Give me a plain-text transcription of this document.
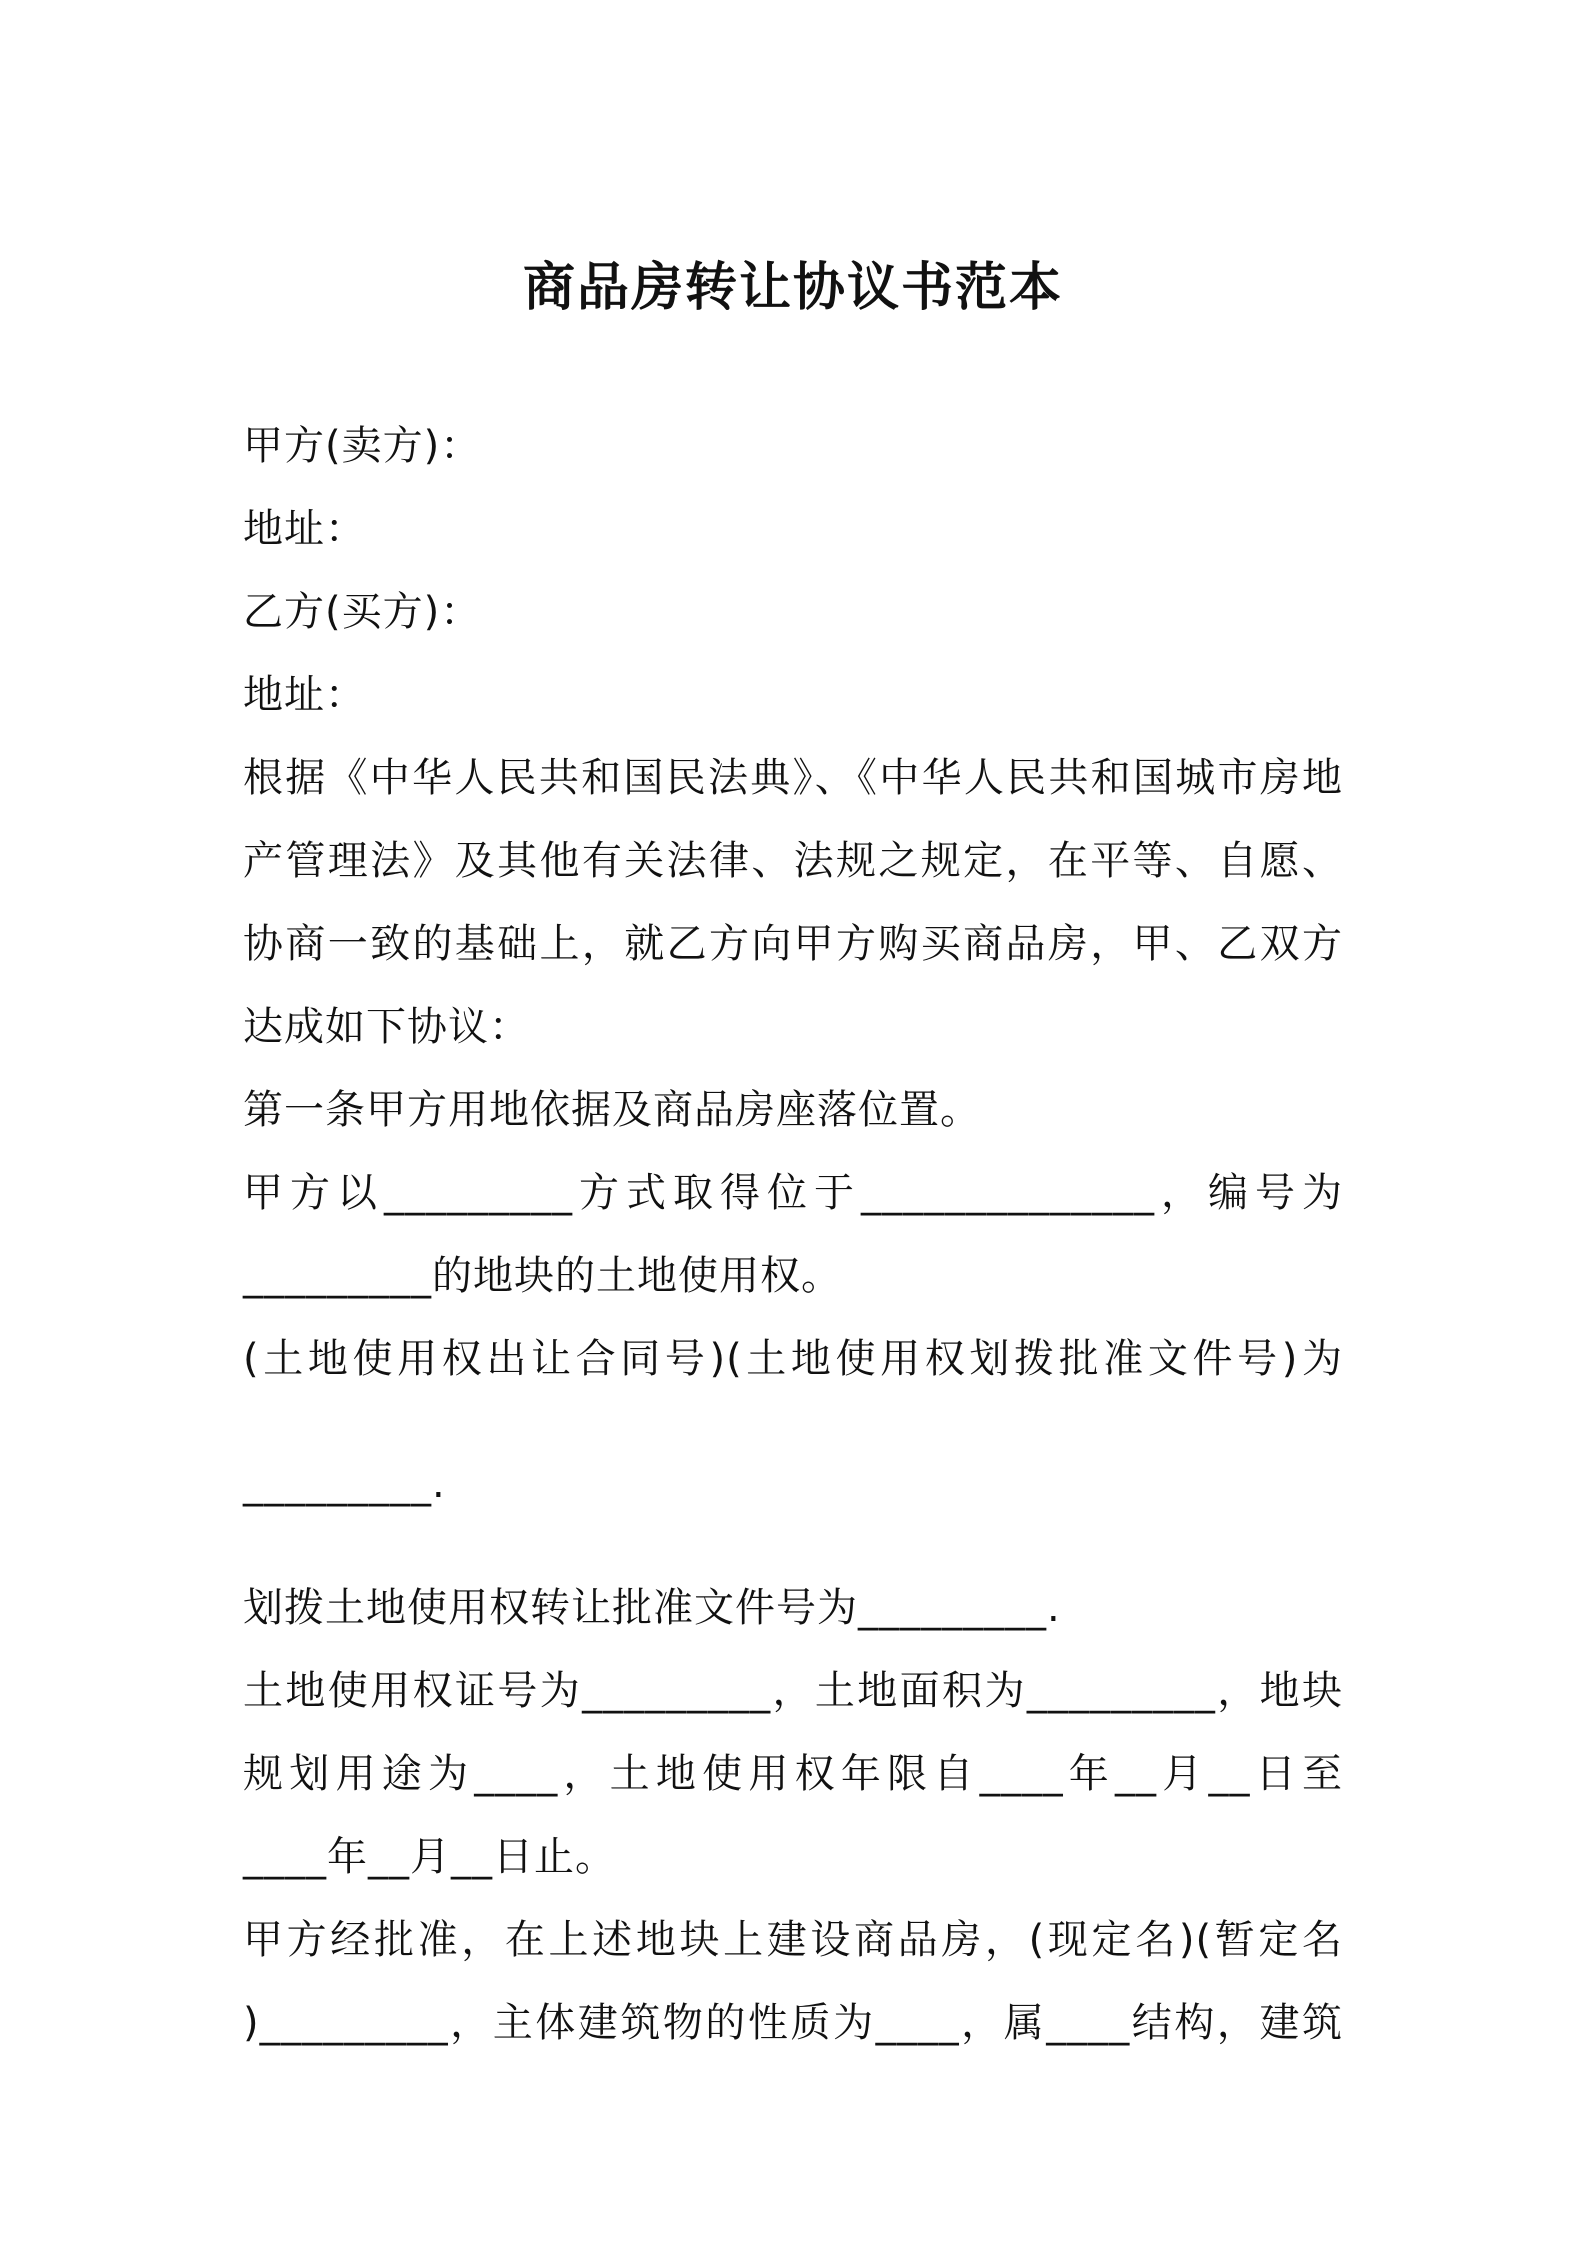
商品房转让协议书范本
甲方(卖方)：
地址：
乙方(买方)：
地址：
根据《中华人民共和国民法典》、《中华人民共和国城市房地
产管理法》及其他有关法律、法规之规定，在平等、自愿、
协商一致的基础上，就乙方向甲方购买商品房，甲、乙双方
达成如下协议：
第一条甲方用地依据及商品房座落位置。
甲方以_________方式取得位于______________，编号为
_________的地块的土地使用权。
(土地使用权出让合同号)(土地使用权划拨批准文件号)为
_________.
划拨土地使用权转让批准文件号为_________.
土地使用权证号为_________，土地面积为_________，地块
规划用途为____，土地使用权年限自____年__月__日至
____年__月__日止。
甲方经批准，在上述地块上建设商品房，(现定名)(暂定名
)_________，主体建筑物的性质为____，属____结构，建筑
